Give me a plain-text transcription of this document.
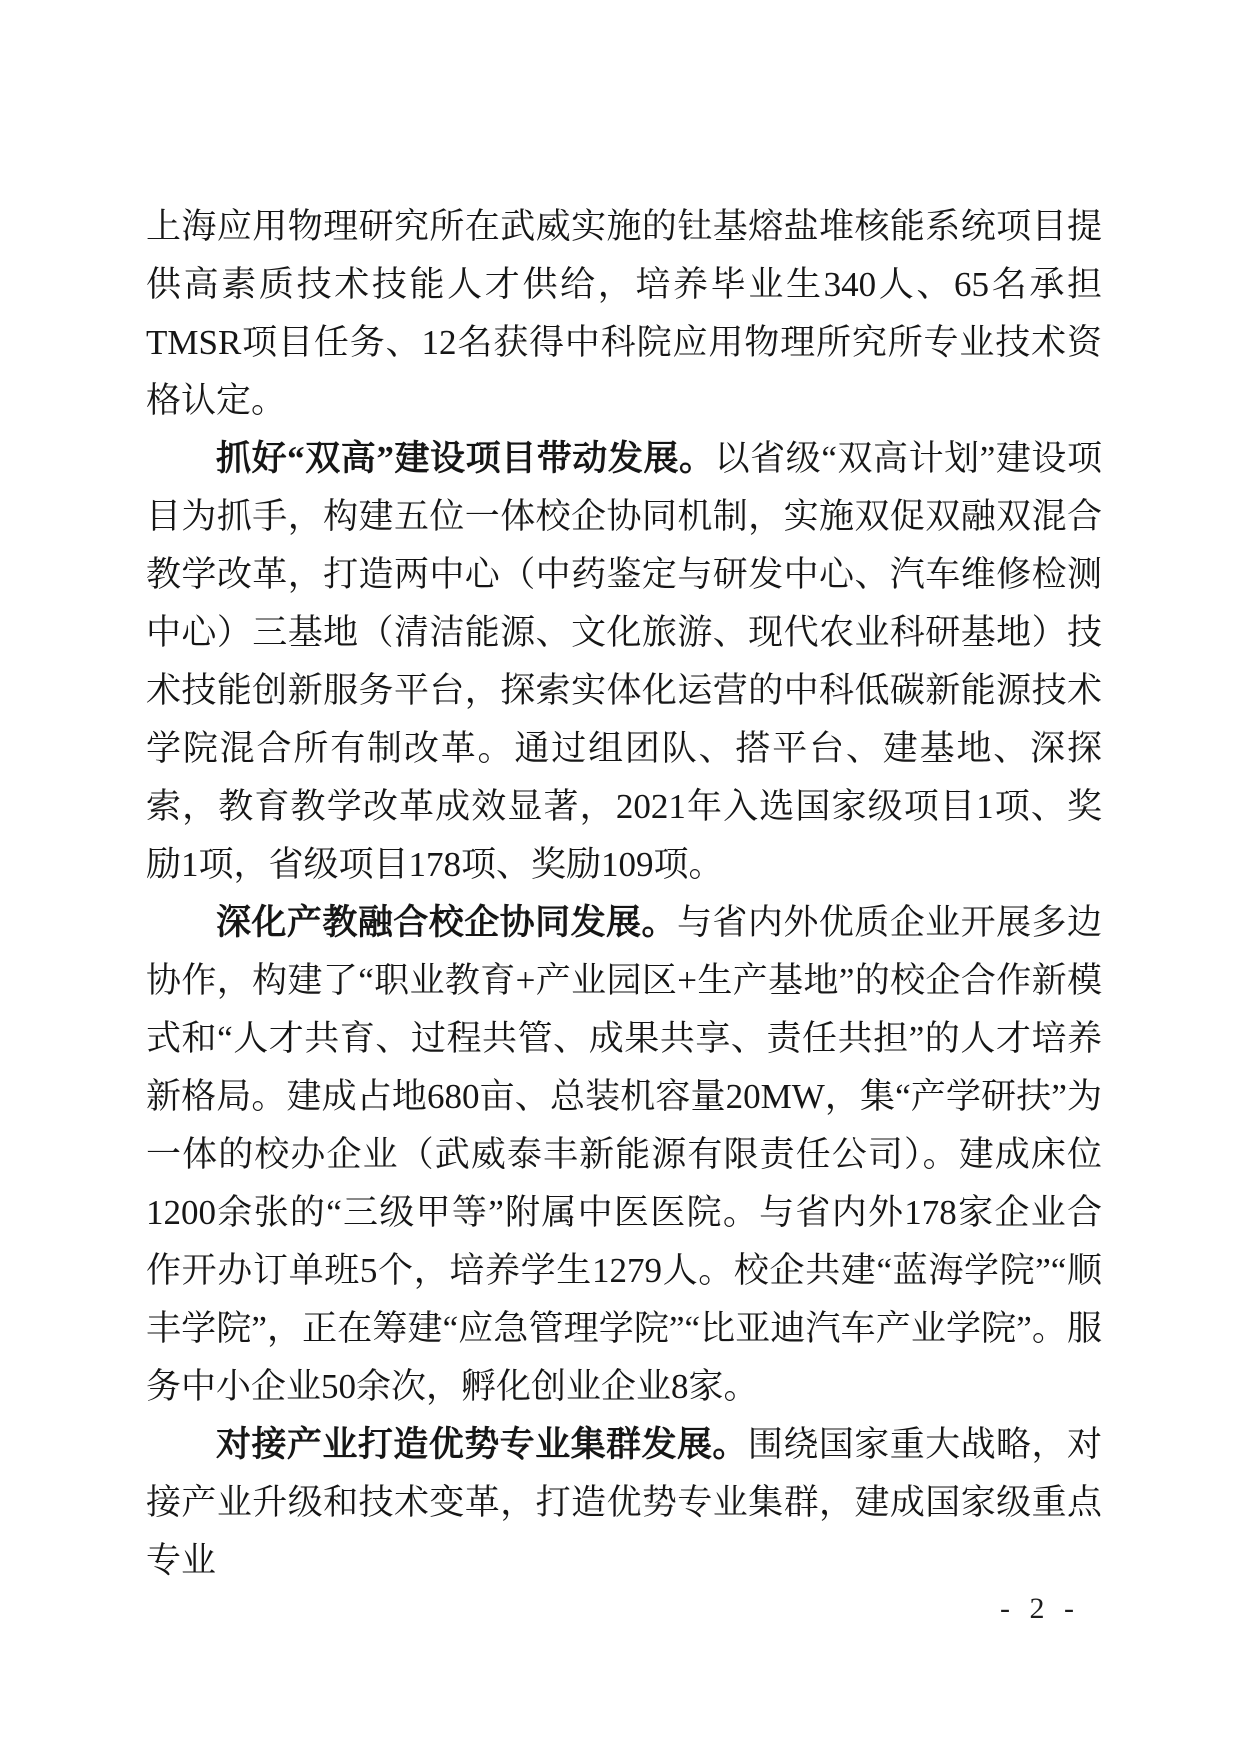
上海应用物理研究所在武威实施的钍基熔盐堆核能系统项目提供高素质技术技能人才供给，培养毕业生340人、65名承担TMSR项目任务、12名获得中科院应用物理所究所专业技术资格认定。

抓好“双高”建设项目带动发展。以省级“双高计划”建设项目为抓手，构建五位一体校企协同机制，实施双促双融双混合教学改革，打造两中心（中药鉴定与研发中心、汽车维修检测中心）三基地（清洁能源、文化旅游、现代农业科研基地）技术技能创新服务平台，探索实体化运营的中科低碳新能源技术学院混合所有制改革。通过组团队、搭平台、建基地、深探索，教育教学改革成效显著，2021年入选国家级项目1项、奖励1项，省级项目178项、奖励109项。

深化产教融合校企协同发展。与省内外优质企业开展多边协作，构建了“职业教育+产业园区+生产基地”的校企合作新模式和“人才共育、过程共管、成果共享、责任共担”的人才培养新格局。建成占地680亩、总装机容量20MW，集“产学研扶”为一体的校办企业（武威泰丰新能源有限责任公司）。建成床位1200余张的“三级甲等”附属中医医院。与省内外178家企业合作开办订单班5个，培养学生1279人。校企共建“蓝海学院”“顺丰学院”，正在筹建“应急管理学院”“比亚迪汽车产业学院”。服务中小企业50余次，孵化创业企业8家。

对接产业打造优势专业集群发展。围绕国家重大战略，对接产业升级和技术变革，打造优势专业集群，建成国家级重点专业

- 2 -
